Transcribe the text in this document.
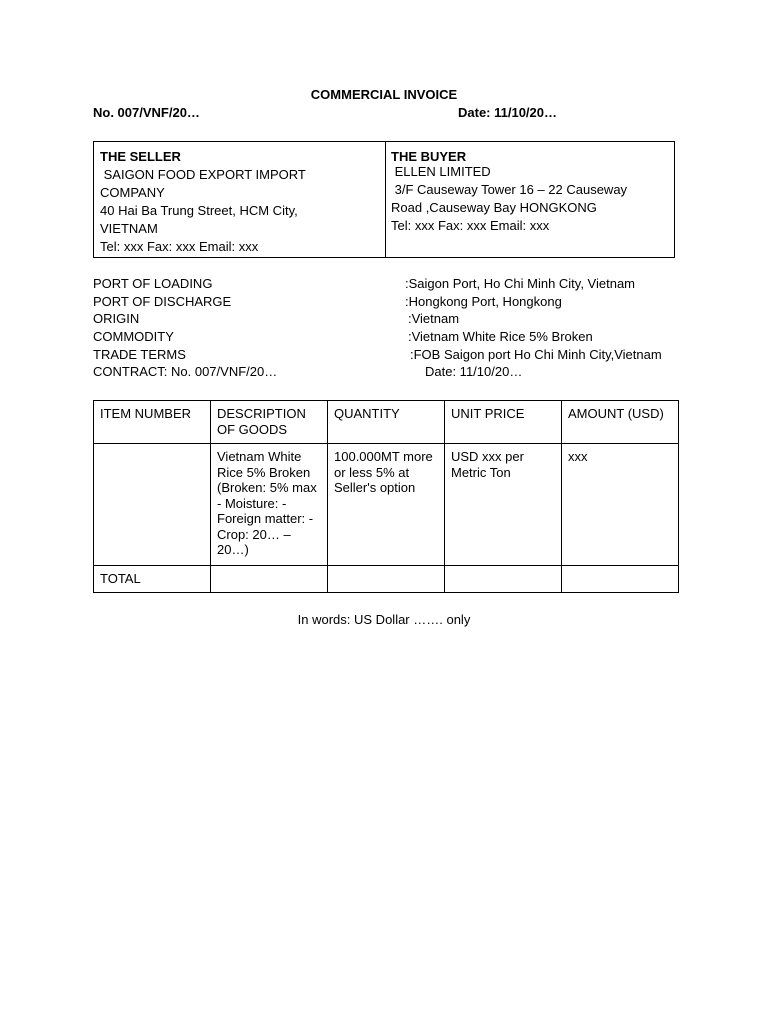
COMMERCIAL INVOICE
No. 007/VNF/20…	Date: 11/10/20…
THE SELLER
SAIGON FOOD EXPORT IMPORT
COMPANY
40 Hai Ba Trung Street, HCM City,
VIETNAM
Tel: xxx Fax: xxx Email: xxx
THE BUYER
ELLEN LIMITED
3/F Causeway Tower 16 – 22 Causeway
Road ,Causeway Bay HONGKONG
Tel: xxx Fax: xxx Email: xxx
PORT OF LOADING	:Saigon Port, Ho Chi Minh City, Vietnam
PORT OF DISCHARGE	:Hongkong Port, Hongkong
ORIGIN	:Vietnam
COMMODITY	:Vietnam White Rice 5% Broken
TRADE TERMS	:FOB Saigon port Ho Chi Minh City,Vietnam
CONTRACT: No. 007/VNF/20…	Date: 11/10/20…
ITEM NUMBER	DESCRIPTION OF GOODS	QUANTITY	UNIT PRICE	AMOUNT (USD)
	Vietnam White Rice 5% Broken (Broken: 5% max - Moisture: - Foreign matter: - Crop: 20… – 20…)	100.000MT more or less 5% at Seller's option	USD xxx per Metric Ton	xxx
TOTAL				
In words: US Dollar ……. only
